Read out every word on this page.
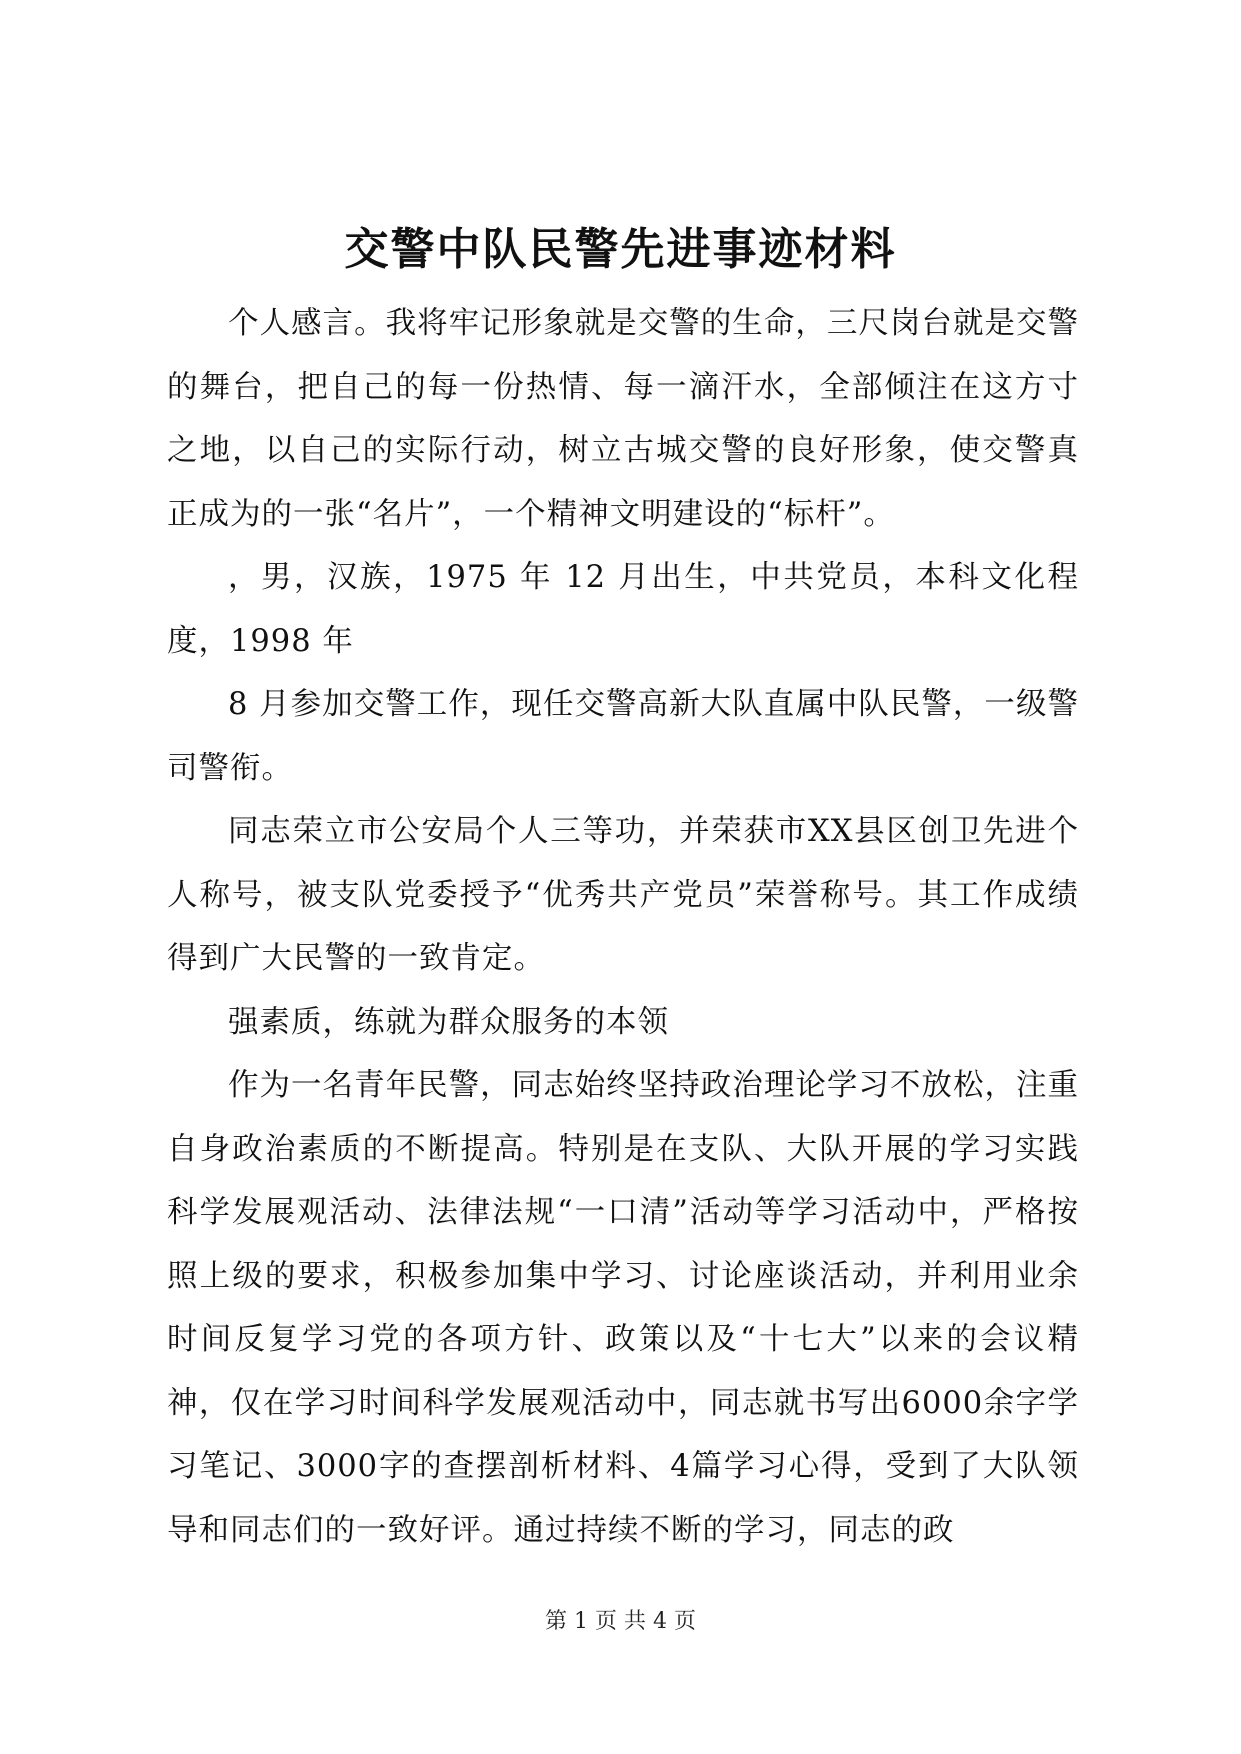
交警中队民警先进事迹材料

个人感言。我将牢记形象就是交警的生命，三尺岗台就是交警的舞台，把自己的每一份热情、每一滴汗水，全部倾注在这方寸之地，以自己的实际行动，树立古城交警的良好形象，使交警真正成为的一张“名片”，一个精神文明建设的“标杆”。

，男，汉族，1975 年 12 月出生，中共党员，本科文化程度，1998 年

8 月参加交警工作，现任交警高新大队直属中队民警，一级警司警衔。

同志荣立市公安局个人三等功，并荣获市XX县区创卫先进个人称号，被支队党委授予“优秀共产党员”荣誉称号。其工作成绩得到广大民警的一致肯定。

强素质，练就为群众服务的本领

作为一名青年民警，同志始终坚持政治理论学习不放松，注重自身政治素质的不断提高。特别是在支队、大队开展的学习实践科学发展观活动、法律法规“一口清”活动等学习活动中，严格按照上级的要求，积极参加集中学习、讨论座谈活动，并利用业余时间反复学习党的各项方针、政策以及“十七大”以来的会议精神，仅在学习时间科学发展观活动中，同志就书写出6000余字学习笔记、3000字的查摆剖析材料、4篇学习心得，受到了大队领导和同志们的一致好评。通过持续不断的学习，同志的政

第 1 页 共 4 页
